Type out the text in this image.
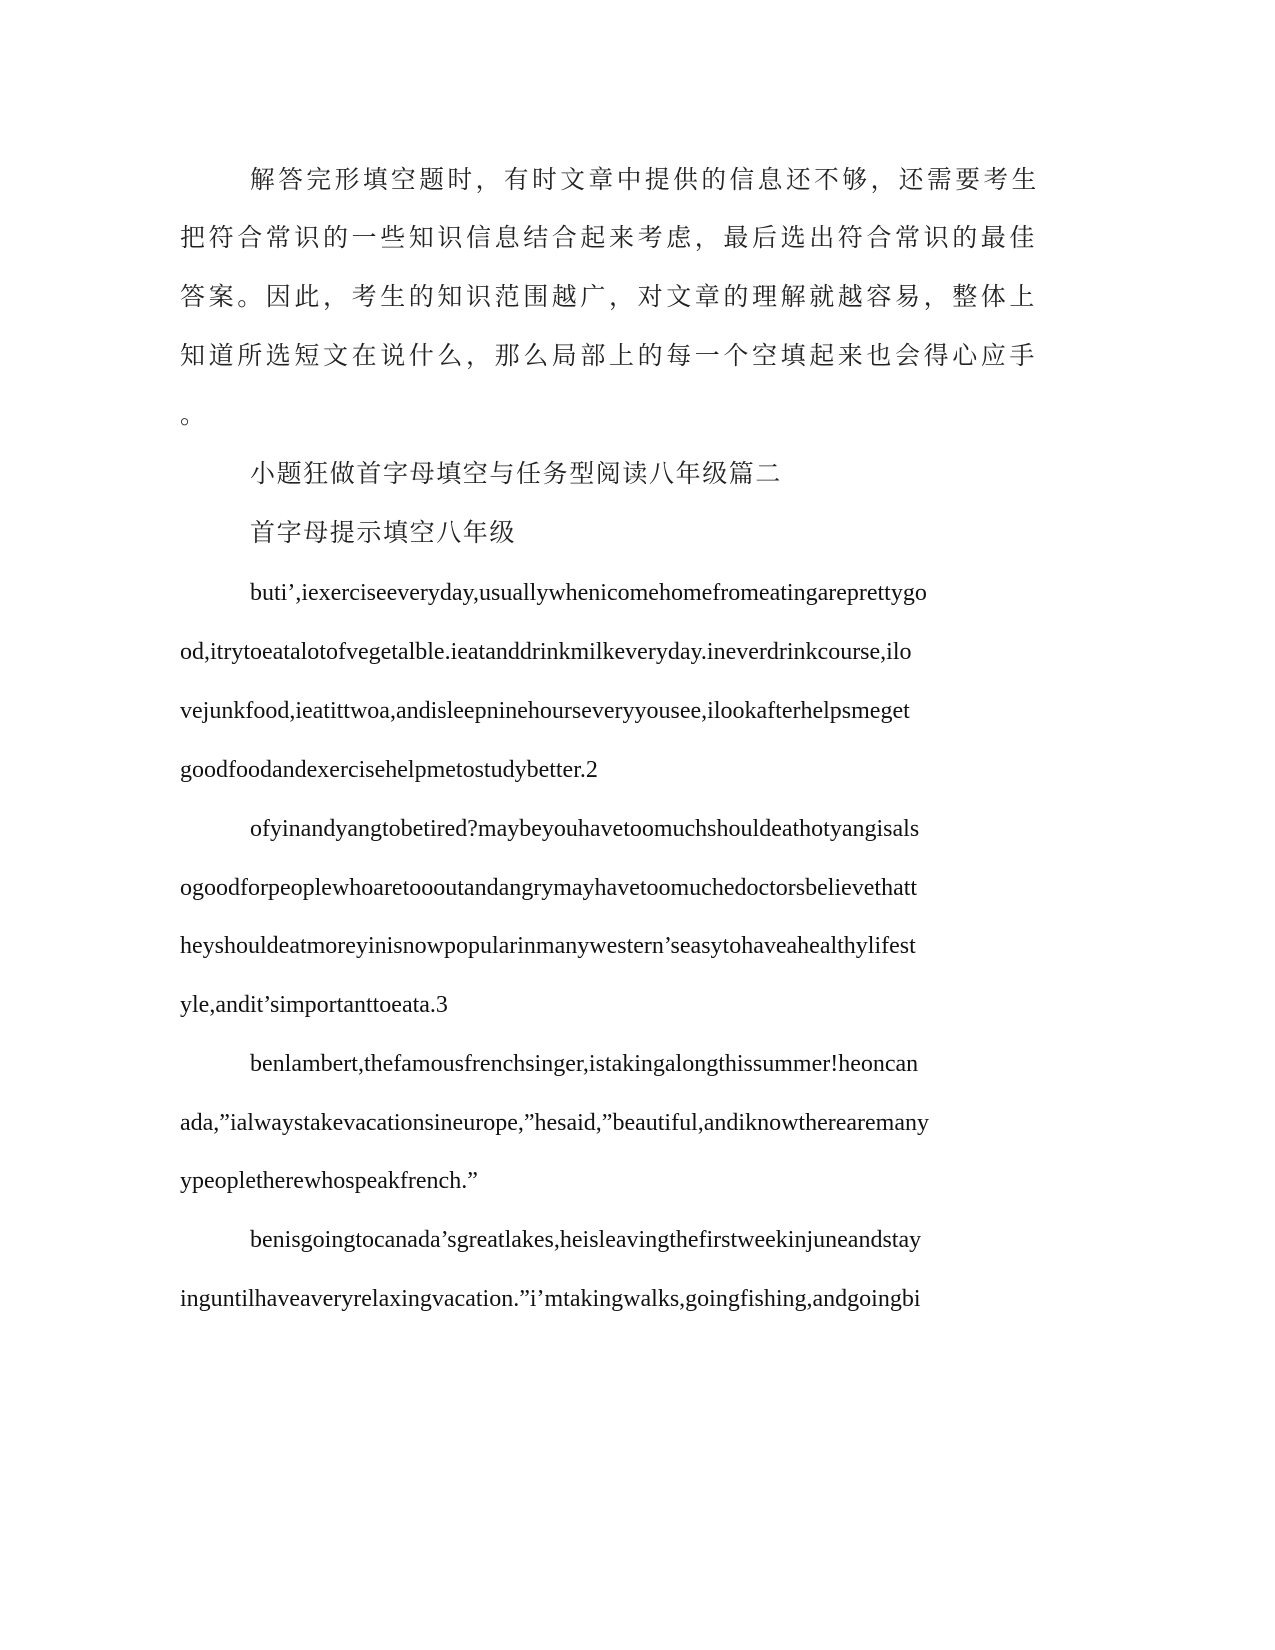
解答完形填空题时，有时文章中提供的信息还不够，还需要考生

把符合常识的一些知识信息结合起来考虑，最后选出符合常识的最佳

答案。因此，考生的知识范围越广，对文章的理解就越容易，整体上

知道所选短文在说什么，那么局部上的每一个空填起来也会得心应手

。

小题狂做首字母填空与任务型阅读八年级篇二

首字母提示填空八年级

buti’,iexerciseeveryday,usuallywhenicomehomefromeatingareprettygo

od,itrytoeatalotofvegetalble.ieatanddrinkmilkeveryday.ineverdrinkcourse,ilo

vejunkfood,ieatittwoa,andisleepninehourseveryyousee,ilookafterhelpsmeget

goodfoodandexercisehelpmetostudybetter.2

ofyinandyangtobetired?maybeyouhavetoomuchshouldeathotyangisals

ogoodforpeoplewhoaretoooutandangrymayhavetoomuchedoctorsbelievethatt

heyshouldeatmoreyinisnowpopularinmanywestern’seasytohaveahealthylifest

yle,andit’simportanttoeata.3

benlambert,thefamousfrenchsinger,istakingalongthissummer!heoncan

ada,”ialwaystakevacationsineurope,”hesaid,”beautiful,andiknowtherearemany

ypeopletherewhospeakfrench.”

benisgoingtocanada’sgreatlakes,heisleavingthefirstweekinjuneandstay

inguntilhaveaveryrelaxingvacation.”i’mtakingwalks,goingfishing,andgoingbi
